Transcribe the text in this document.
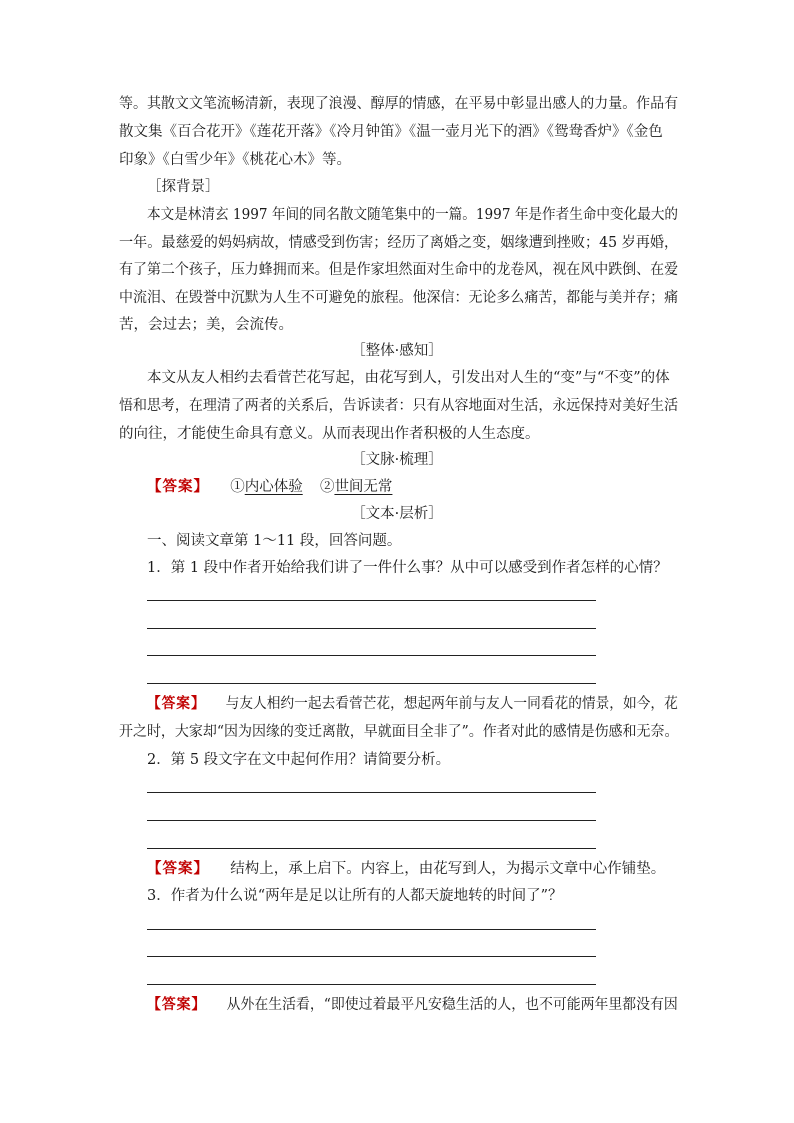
等。其散文文笔流畅清新，表现了浪漫、醇厚的情感，在平易中彰显出感人的力量。作品有
散文集《百合花开》《莲花开落》《冷月钟笛》《温一壶月光下的酒》《鸳鸯香炉》《金色
印象》《白雪少年》《桃花心木》等。
［探背景］
本文是林清玄 1997 年间的同名散文随笔集中的一篇。1997 年是作者生命中变化最大的
一年。最慈爱的妈妈病故，情感受到伤害；经历了离婚之变，姻缘遭到挫败；45 岁再婚，
有了第二个孩子，压力蜂拥而来。但是作家坦然面对生命中的龙卷风，视在风中跌倒、在爱
中流泪、在毁誉中沉默为人生不可避免的旅程。他深信：无论多么痛苦，都能与美并存；痛
苦，会过去；美，会流传。
［整体·感知］
本文从友人相约去看菅芒花写起，由花写到人，引发出对人生的“变”与“不变”的体
悟和思考，在理清了两者的关系后，告诉读者：只有从容地面对生活，永远保持对美好生活
的向往，才能使生命具有意义。从而表现出作者积极的人生态度。
［文脉·梳理］
【答案】 ①内心体验 ②世间无常
［文本·层析］
一、阅读文章第 1～11 段，回答问题。
1．第 1 段中作者开始给我们讲了一件什么事？从中可以感受到作者怎样的心情？
【答案】 与友人相约一起去看菅芒花，想起两年前与友人一同看花的情景，如今，花
开之时，大家却“因为因缘的变迁离散，早就面目全非了”。作者对此的感情是伤感和无奈。
2．第 5 段文字在文中起何作用？请简要分析。
【答案】 结构上，承上启下。内容上，由花写到人，为揭示文章中心作铺垫。
3．作者为什么说“两年是足以让所有的人都天旋地转的时间了”？
【答案】 从外在生活看，“即使过着最平凡安稳生活的人，也不可能两年里都没有因
